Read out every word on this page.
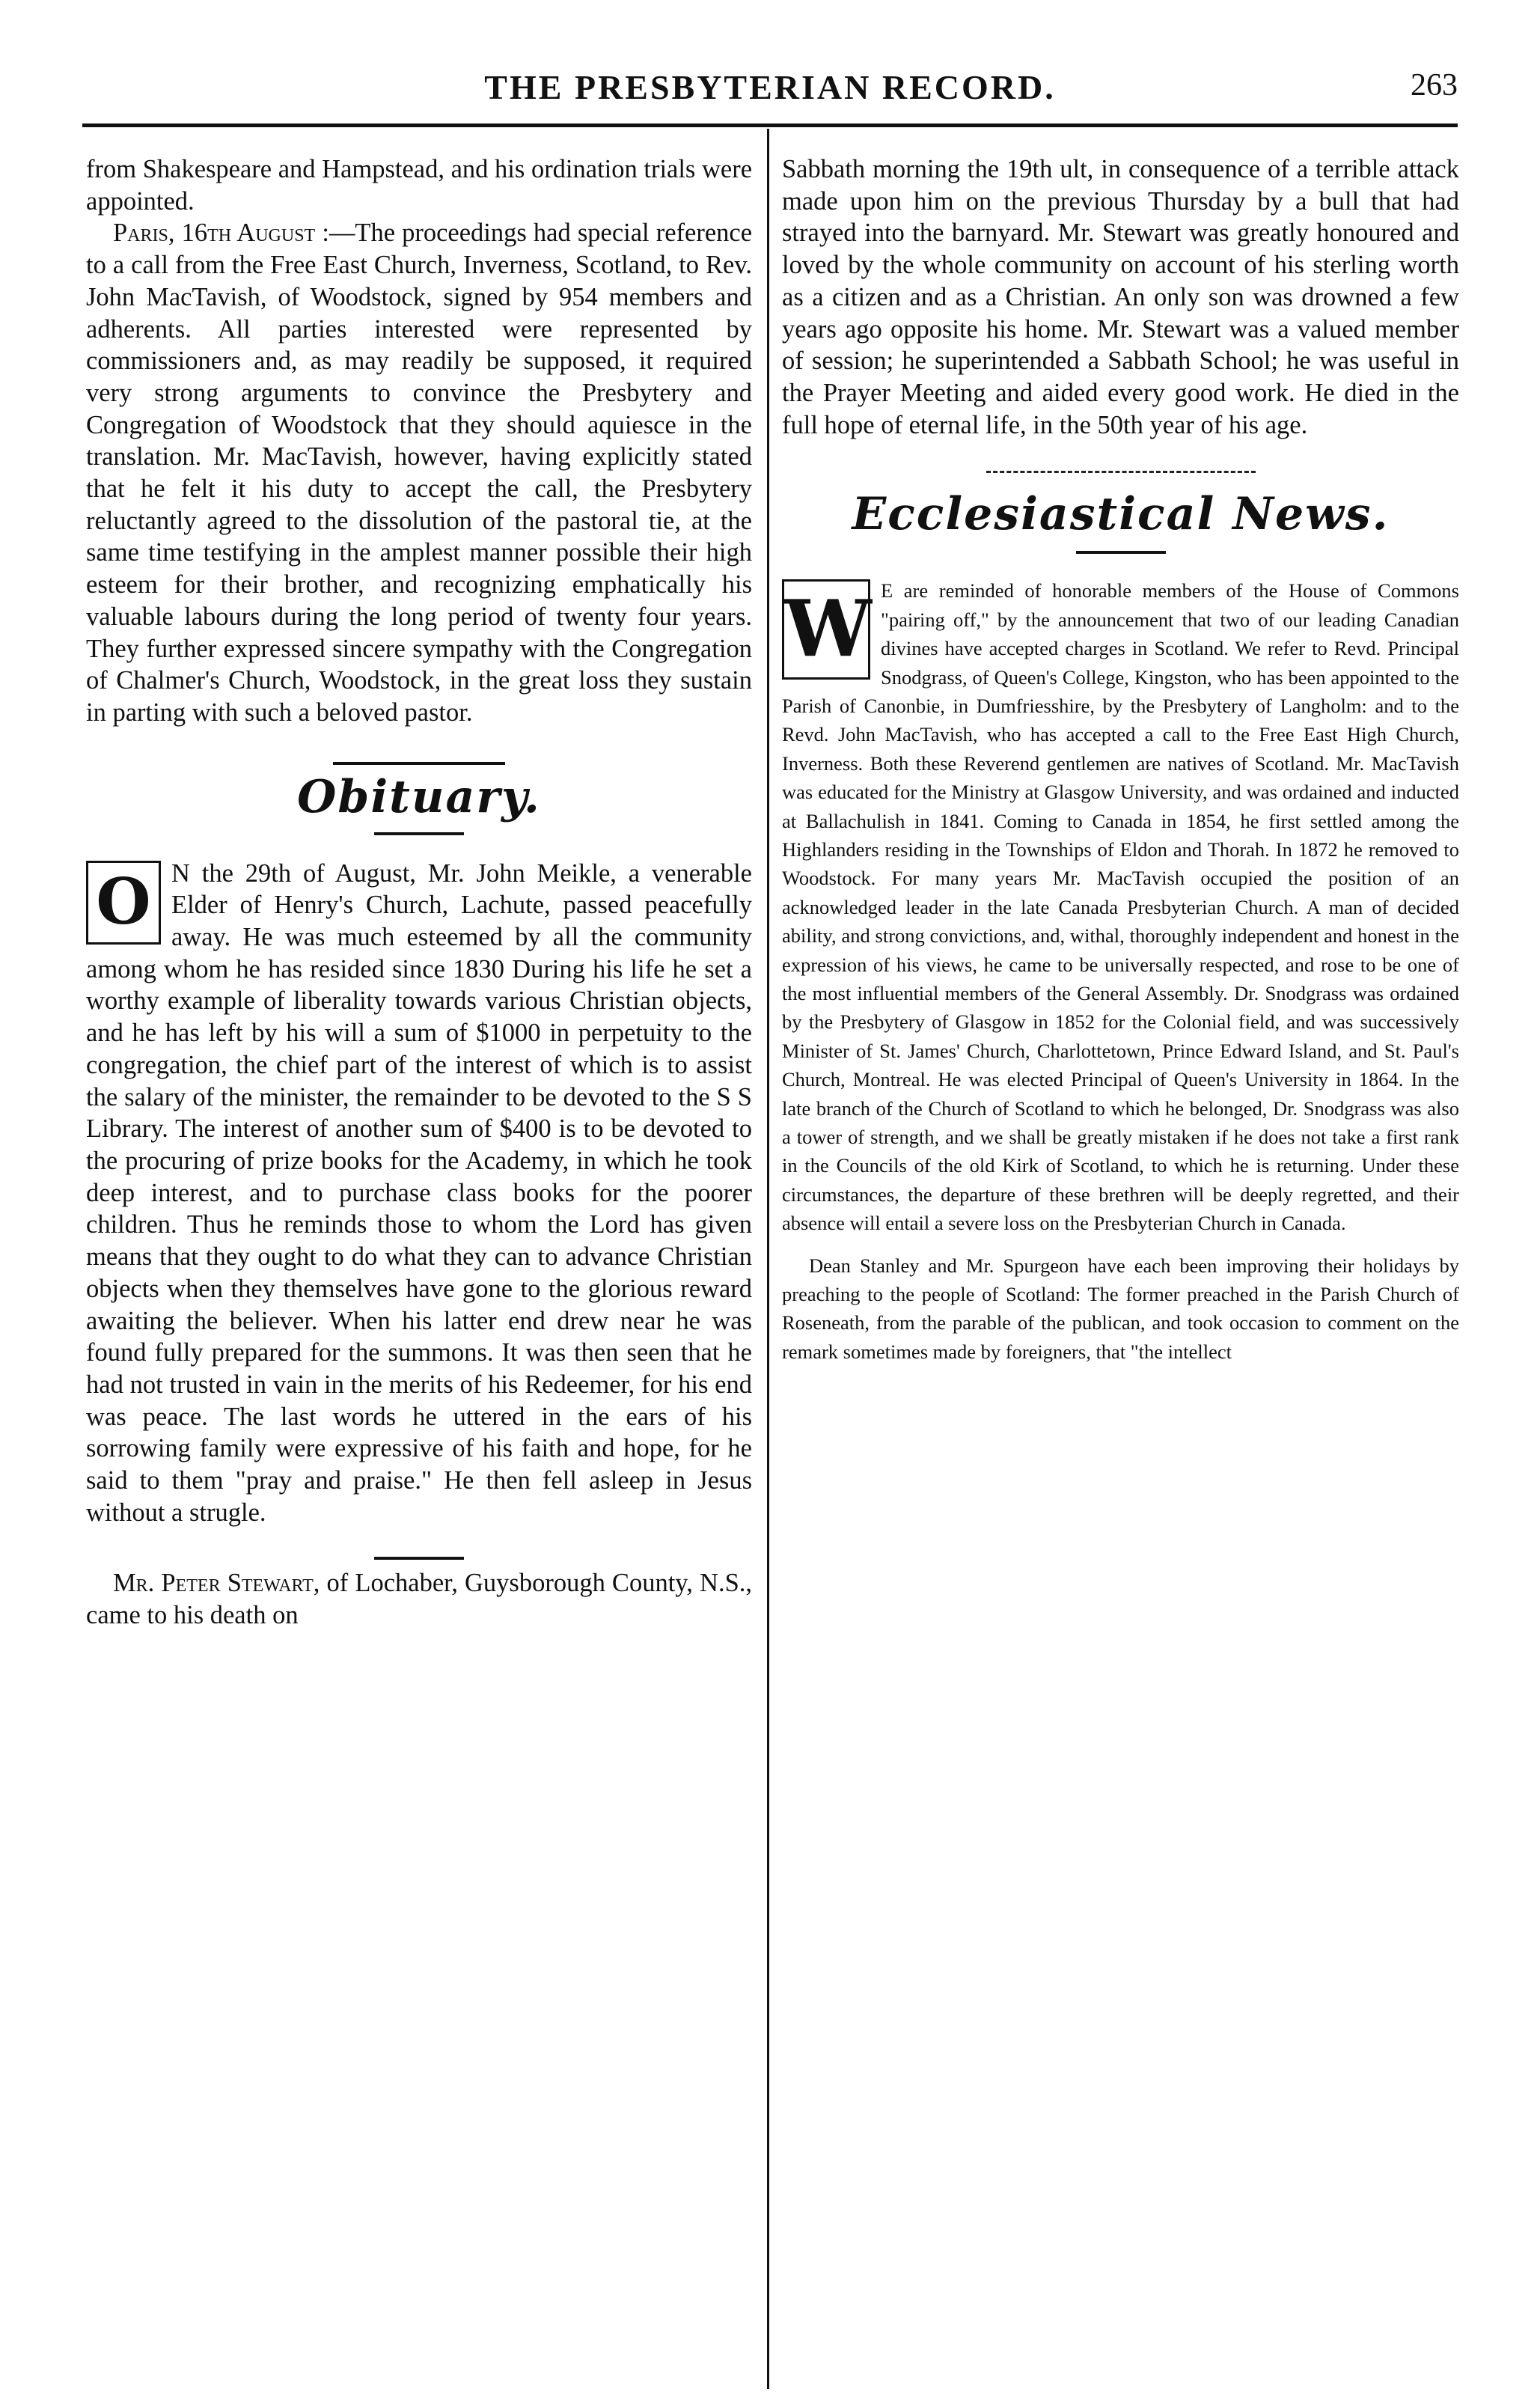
THE PRESBYTERIAN RECORD.	263

from Shakespeare and Hampstead, and his ordination trials were appointed.

Paris, 16th August :—The proceedings had special reference to a call from the Free East Church, Inverness, Scotland, to Rev. John MacTavish, of Woodstock, signed by 954 members and adherents. All parties interested were represented by commissioners and, as may readily be supposed, it required very strong arguments to convince the Presbytery and Congregation of Woodstock that they should aquiesce in the translation. Mr. MacTavish, however, having explicitly stated that he felt it his duty to accept the call, the Presbytery reluctantly agreed to the dissolution of the pastoral tie, at the same time testifying in the amplest manner possible their high esteem for their brother, and recognizing emphatically his valuable labours during the long period of twenty four years. They further expressed sincere sympathy with the Congregation of Chalmer's Church, Woodstock, in the great loss they sustain in parting with such a beloved pastor.

Obituary.

O N the 29th of August, Mr. John Meikle, a venerable Elder of Henry's Church, Lachute, passed peacefully away. He was much esteemed by all the community among whom he has resided since 1830 During his life he set a worthy example of liberality towards various Christian objects, and he has left by his will a sum of $1000 in perpetuity to the congregation, the chief part of the interest of which is to assist the salary of the minister, the remainder to be devoted to the S S Library. The interest of another sum of $400 is to be devoted to the procuring of prize books for the Academy, in which he took deep interest, and to purchase class books for the poorer children. Thus he reminds those to whom the Lord has given means that they ought to do what they can to advance Christian objects when they themselves have gone to the glorious reward awaiting the believer. When his latter end drew near he was found fully prepared for the summons. It was then seen that he had not trusted in vain in the merits of his Redeemer, for his end was peace. The last words he uttered in the ears of his sorrowing family were expressive of his faith and hope, for he said to them "pray and praise." He then fell asleep in Jesus without a strugle.

Mr. Peter Stewart, of Lochaber, Guysborough County, N.S., came to his death on

Sabbath morning the 19th ult, in consequence of a terrible attack made upon him on the previous Thursday by a bull that had strayed into the barnyard. Mr. Stewart was greatly honoured and loved by the whole community on account of his sterling worth as a citizen and as a Christian. An only son was drowned a few years ago opposite his home. Mr. Stewart was a valued member of session; he superintended a Sabbath School; he was useful in the Prayer Meeting and aided every good work. He died in the full hope of eternal life, in the 50th year of his age.

Ecclesiastical News.

W E are reminded of honorable members of the House of Commons "pairing off," by the announcement that two of our leading Canadian divines have accepted charges in Scotland. We refer to Revd. Principal Snodgrass, of Queen's College, Kingston, who has been appointed to the Parish of Canonbie, in Dumfriesshire, by the Presbytery of Langholm: and to the Revd. John MacTavish, who has accepted a call to the Free East High Church, Inverness. Both these Reverend gentlemen are natives of Scotland. Mr. MacTavish was educated for the Ministry at Glasgow University, and was ordained and inducted at Ballachulish in 1841. Coming to Canada in 1854, he first settled among the Highlanders residing in the Townships of Eldon and Thorah. In 1872 he removed to Woodstock. For many years Mr. MacTavish occupied the position of an acknowledged leader in the late Canada Presbyterian Church. A man of decided ability, and strong convictions, and, withal, thoroughly independent and honest in the expression of his views, he came to be universally respected, and rose to be one of the most influential members of the General Assembly. Dr. Snodgrass was ordained by the Presbytery of Glasgow in 1852 for the Colonial field, and was successively Minister of St. James' Church, Charlottetown, Prince Edward Island, and St. Paul's Church, Montreal. He was elected Principal of Queen's University in 1864. In the late branch of the Church of Scotland to which he belonged, Dr. Snodgrass was also a tower of strength, and we shall be greatly mistaken if he does not take a first rank in the Councils of the old Kirk of Scotland, to which he is returning. Under these circumstances, the departure of these brethren will be deeply regretted, and their absence will entail a severe loss on the Presbyterian Church in Canada.

Dean Stanley and Mr. Spurgeon have each been improving their holidays by preaching to the people of Scotland: The former preached in the Parish Church of Roseneath, from the parable of the publican, and took occasion to comment on the remark sometimes made by foreigners, that "the intellect
